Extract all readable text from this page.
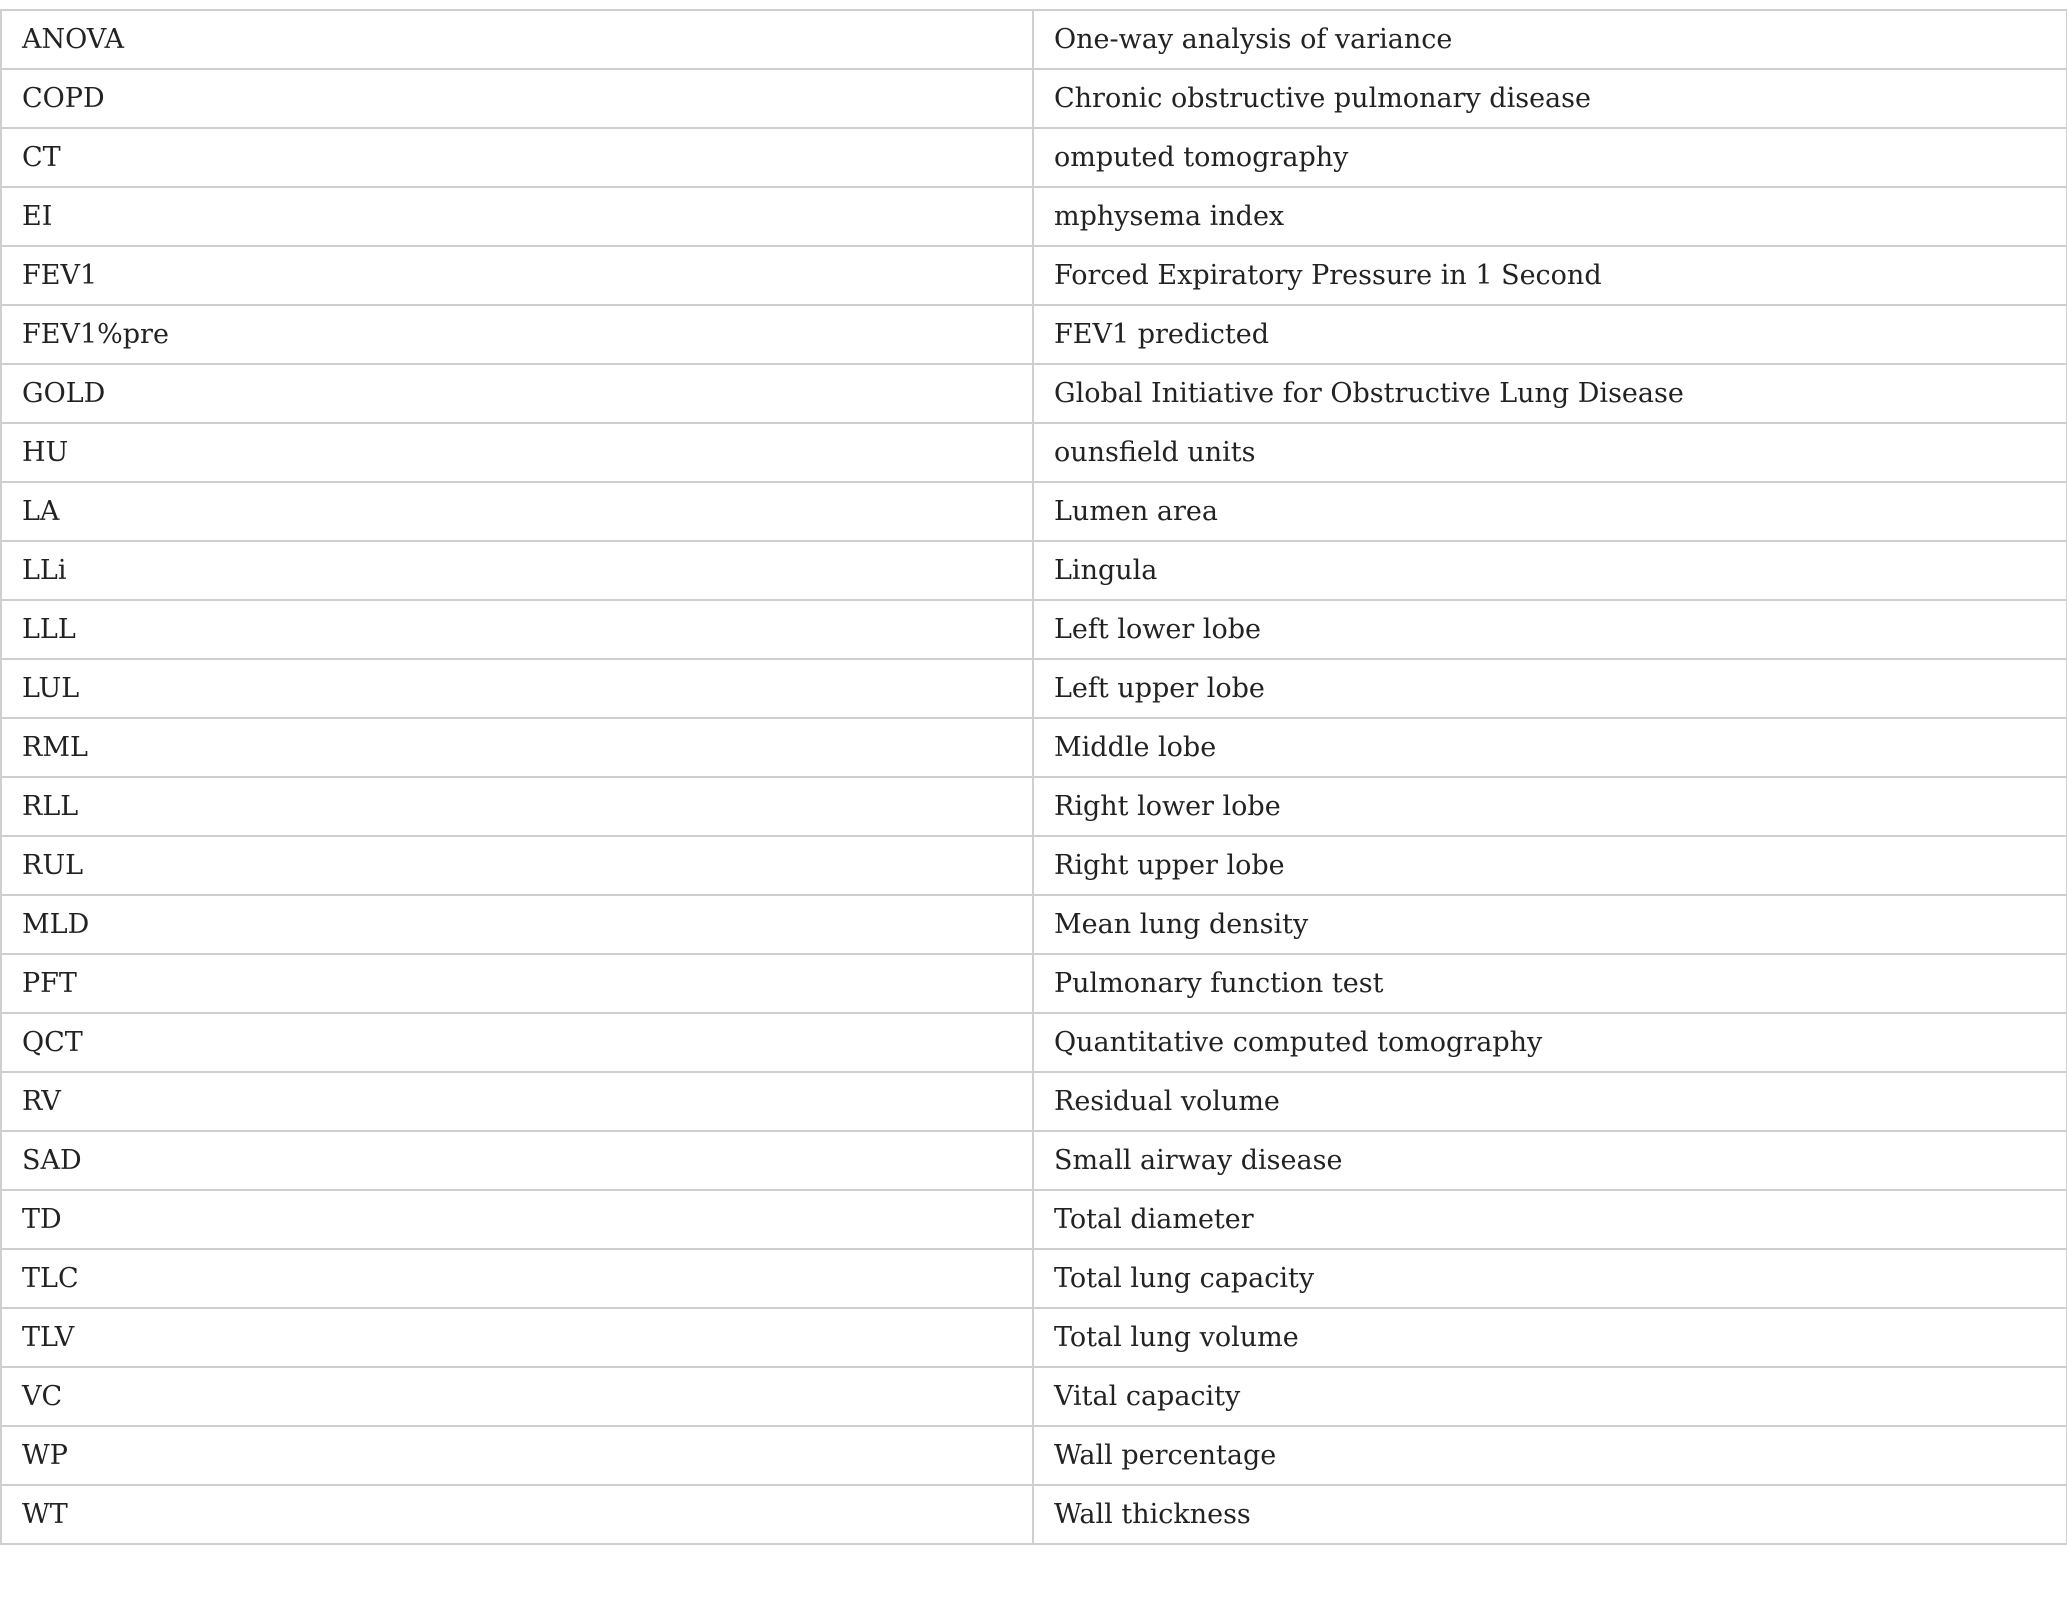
ANOVA	One-way analysis of variance
COPD	Chronic obstructive pulmonary disease
CT	omputed tomography
EI	mphysema index
FEV1	Forced Expiratory Pressure in 1 Second
FEV1%pre	FEV1 predicted
GOLD	Global Initiative for Obstructive Lung Disease
HU	ounsfield units
LA	Lumen area
LLi	Lingula
LLL	Left lower lobe
LUL	Left upper lobe
RML	Middle lobe
RLL	Right lower lobe
RUL	Right upper lobe
MLD	Mean lung density
PFT	Pulmonary function test
QCT	Quantitative computed tomography
RV	Residual volume
SAD	Small airway disease
TD	Total diameter
TLC	Total lung capacity
TLV	Total lung volume
VC	Vital capacity
WP	Wall percentage
WT	Wall thickness
